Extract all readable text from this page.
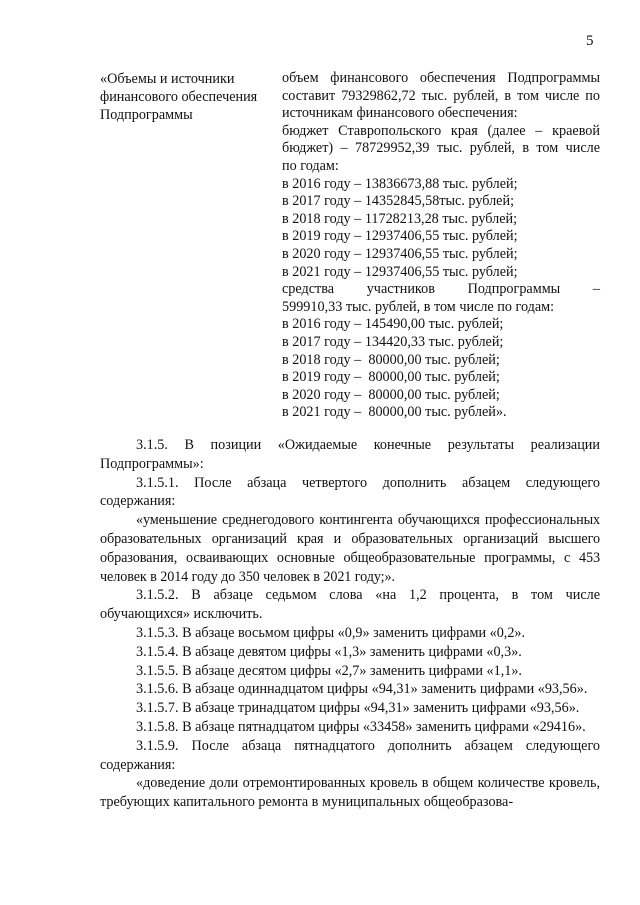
5
«Объемы и источники
финансового обеспечения
Подпрограммы
объем финансового обеспечения Подпрограммы
составит 79329862,72 тыс. рублей, в том числе по
источникам финансового обеспечения:
бюджет Ставропольского края (далее – краевой
бюджет) – 78729952,39 тыс. рублей, в том числе
по годам:
в 2016 году – 13836673,88 тыс. рублей;
в 2017 году – 14352845,58тыс. рублей;
в 2018 году – 11728213,28 тыс. рублей;
в 2019 году – 12937406,55 тыс. рублей;
в 2020 году – 12937406,55 тыс. рублей;
в 2021 году – 12937406,55 тыс. рублей;
средства участников Подпрограммы –
599910,33 тыс. рублей, в том числе по годам:
в 2016 году – 145490,00 тыс. рублей;
в 2017 году – 134420,33 тыс. рублей;
в 2018 году –  80000,00 тыс. рублей;
в 2019 году –  80000,00 тыс. рублей;
в 2020 году –  80000,00 тыс. рублей;
в 2021 году –  80000,00 тыс. рублей».

3.1.5. В позиции «Ожидаемые конечные результаты реализации Подпрограммы»:

3.1.5.1. После абзаца четвертого дополнить абзацем следующего содержания:

«уменьшение среднегодового контингента обучающихся профессиональных образовательных организаций края и образовательных организаций высшего образования, осваивающих основные общеобразовательные программы, с 453 человек в 2014 году до 350 человек в 2021 году;».

3.1.5.2. В абзаце седьмом слова «на 1,2 процента, в том числе обучающихся» исключить.

3.1.5.3. В абзаце восьмом цифры «0,9» заменить цифрами «0,2».

3.1.5.4. В абзаце девятом цифры «1,3» заменить цифрами «0,3».

3.1.5.5. В абзаце десятом цифры «2,7» заменить цифрами «1,1».

3.1.5.6. В абзаце одиннадцатом цифры «94,31» заменить цифрами «93,56».

3.1.5.7. В абзаце тринадцатом цифры «94,31» заменить цифрами «93,56».

3.1.5.8. В абзаце пятнадцатом цифры «33458» заменить цифрами «29416».

3.1.5.9. После абзаца пятнадцатого дополнить абзацем следующего содержания:

«доведение доли отремонтированных кровель в общем количестве кровель, требующих капитального ремонта в муниципальных общеобразова-
